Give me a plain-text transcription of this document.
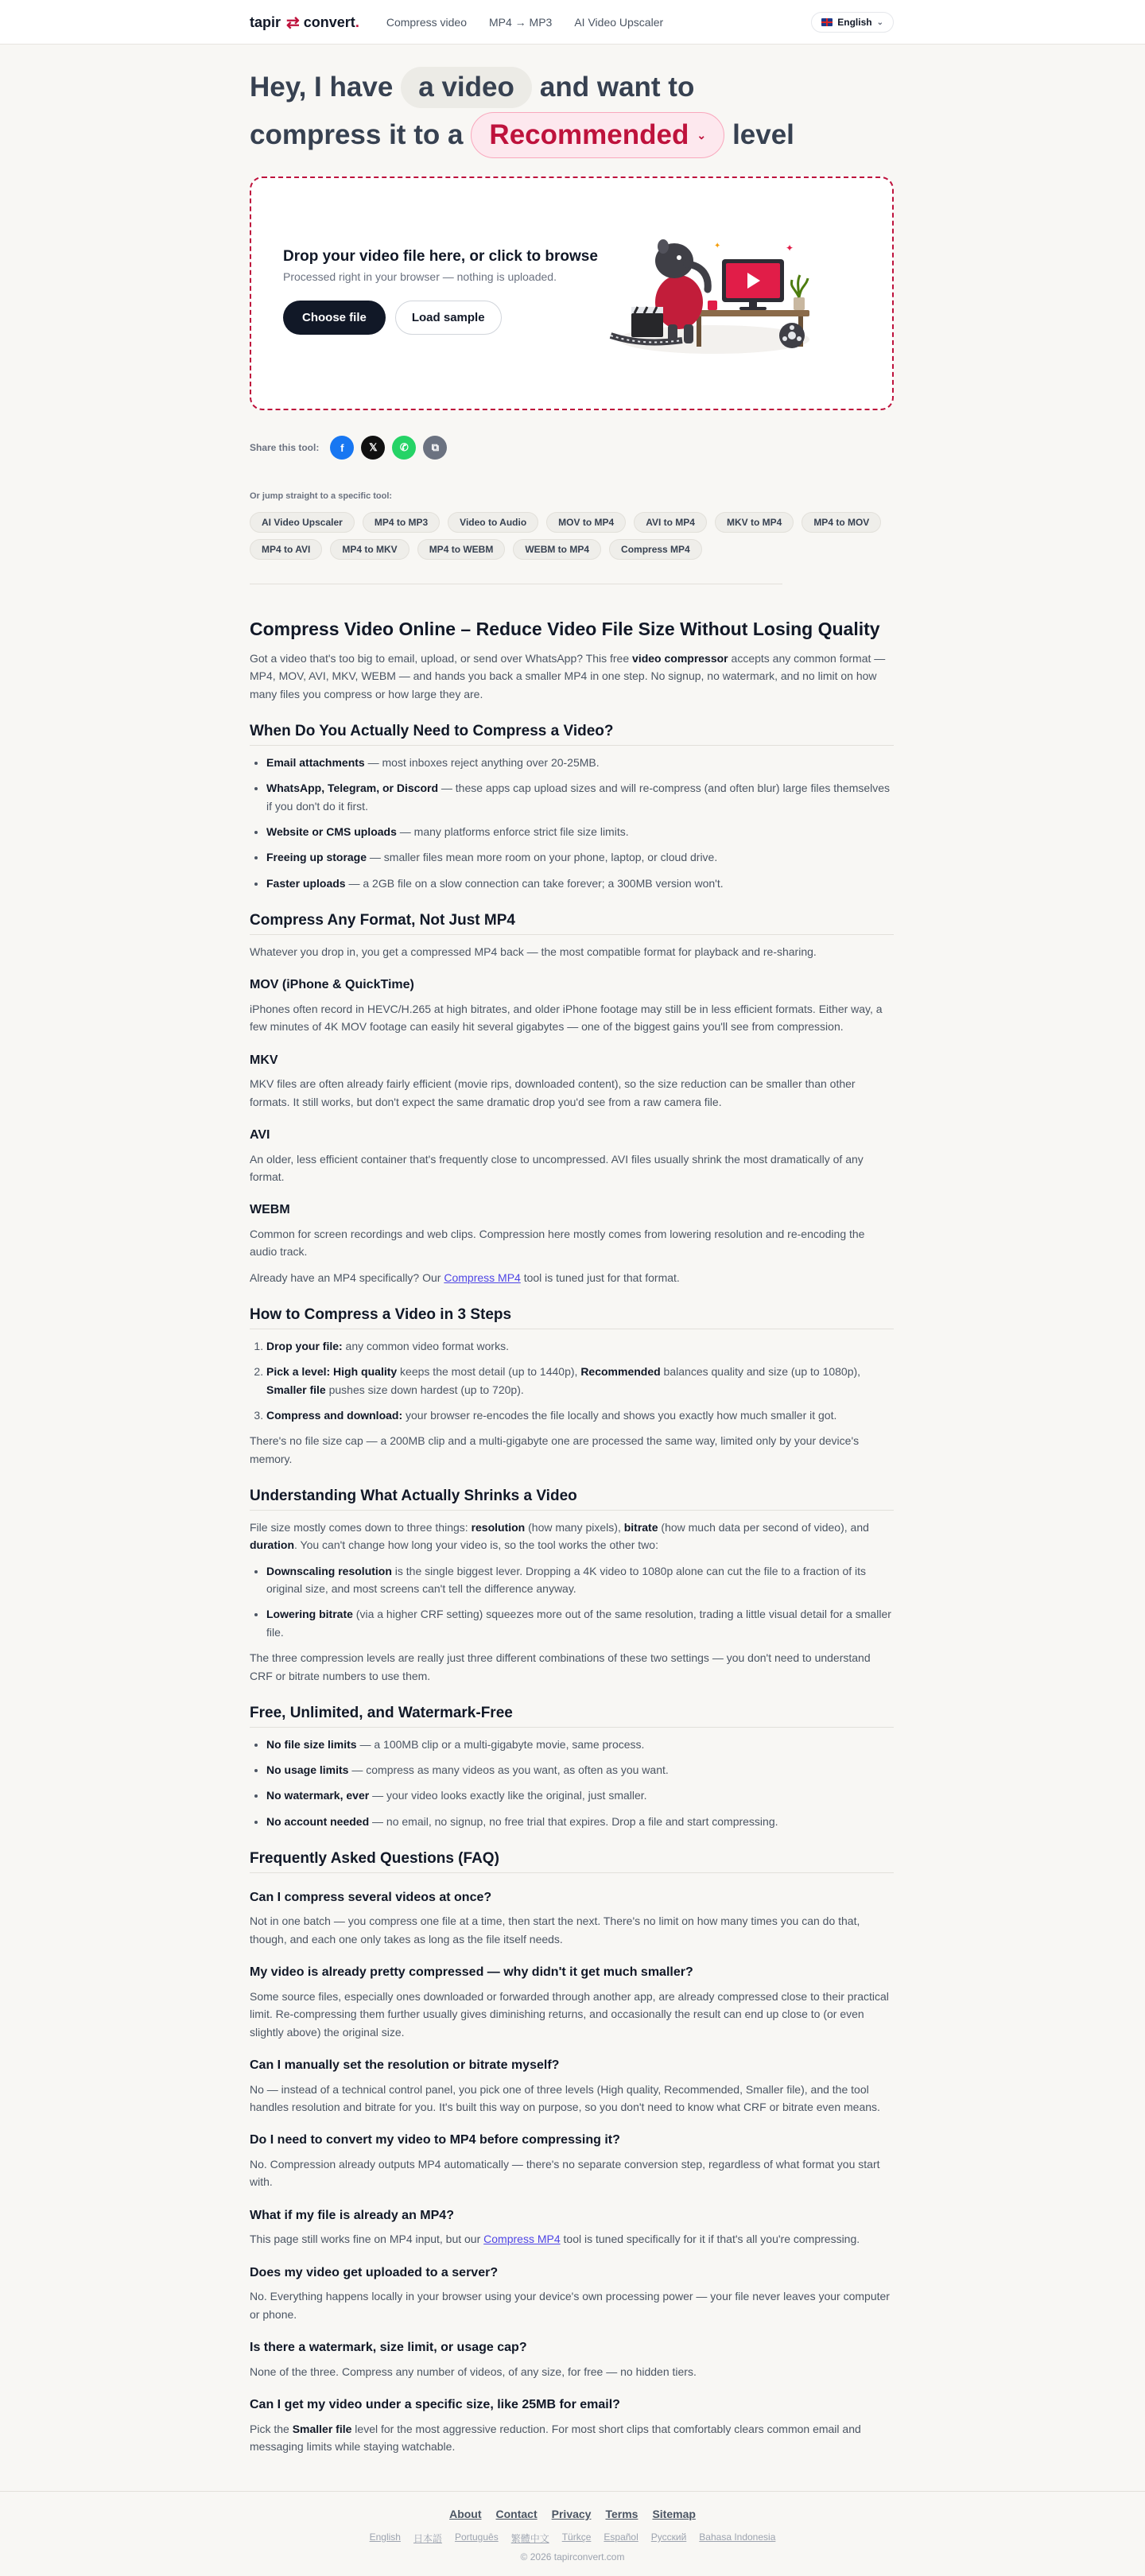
tapir ⇄ convert . Compress video MP4 → MP3 AI Video Upscaler	English ⌄
Hey, I have a video and want to
compress it to a Recommended ⌄ level
Drop your video file here, or click to browse
Processed right in your browser — nothing is uploaded.
Choose file	Load sample
✦
✦
Share this tool: f 𝕏 ✆ ⧉
Or jump straight to a specific tool:
AI Video Upscaler	MP4 to MP3	Video to Audio	MOV to MP4	AVI to MP4	MKV to MP4	MP4 to MOV
MP4 to AVI	MP4 to MKV	MP4 to WEBM	WEBM to MP4	Compress MP4
Compress Video Online – Reduce Video File Size Without Losing Quality

Got a video that's too big to email, upload, or send over WhatsApp? This free video compressor accepts any common format — MP4, MOV, AVI, MKV, WEBM — and hands you back a smaller MP4 in one step. No signup, no watermark, and no limit on how many files you compress or how large they are.

When Do You Actually Need to Compress a Video?
• Email attachments — most inboxes reject anything over 20-25MB.
• WhatsApp, Telegram, or Discord — these apps cap upload sizes and will re-compress (and often blur) large files themselves if you don't do it first.
• Website or CMS uploads — many platforms enforce strict file size limits.
• Freeing up storage — smaller files mean more room on your phone, laptop, or cloud drive.
• Faster uploads — a 2GB file on a slow connection can take forever; a 300MB version won't.
Compress Any Format, Not Just MP4

Whatever you drop in, you get a compressed MP4 back — the most compatible format for playback and re-sharing.

MOV (iPhone & QuickTime)

iPhones often record in HEVC/H.265 at high bitrates, and older iPhone footage may still be in less efficient formats. Either way, a few minutes of 4K MOV footage can easily hit several gigabytes — one of the biggest gains you'll see from compression.

MKV

MKV files are often already fairly efficient (movie rips, downloaded content), so the size reduction can be smaller than other formats. It still works, but don't expect the same dramatic drop you'd see from a raw camera file.

AVI

An older, less efficient container that's frequently close to uncompressed. AVI files usually shrink the most dramatically of any format.

WEBM

Common for screen recordings and web clips. Compression here mostly comes from lowering resolution and re-encoding the audio track.

Already have an MP4 specifically? Our Compress MP4 tool is tuned just for that format.

How to Compress a Video in 3 Steps
1. Drop your file: any common video format works.
2. Pick a level: High quality keeps the most detail (up to 1440p), Recommended balances quality and size (up to 1080p), Smaller file pushes size down hardest (up to 720p).
3. Compress and download: your browser re-encodes the file locally and shows you exactly how much smaller it got.

There's no file size cap — a 200MB clip and a multi-gigabyte one are processed the same way, limited only by your device's memory.

Understanding What Actually Shrinks a Video

File size mostly comes down to three things: resolution (how many pixels), bitrate (how much data per second of video), and duration. You can't change how long your video is, so the tool works the other two:

• Downscaling resolution is the single biggest lever. Dropping a 4K video to 1080p alone can cut the file to a fraction of its original size, and most screens can't tell the difference anyway.
• Lowering bitrate (via a higher CRF setting) squeezes more out of the same resolution, trading a little visual detail for a smaller file.

The three compression levels are really just three different combinations of these two settings — you don't need to understand CRF or bitrate numbers to use them.

Free, Unlimited, and Watermark-Free
• No file size limits — a 100MB clip or a multi-gigabyte movie, same process.
• No usage limits — compress as many videos as you want, as often as you want.
• No watermark, ever — your video looks exactly like the original, just smaller.
• No account needed — no email, no signup, no free trial that expires. Drop a file and start compressing.
Frequently Asked Questions (FAQ)
Can I compress several videos at once?

Not in one batch — you compress one file at a time, then start the next. There's no limit on how many times you can do that, though, and each one only takes as long as the file itself needs.

My video is already pretty compressed — why didn't it get much smaller?

Some source files, especially ones downloaded or forwarded through another app, are already compressed close to their practical limit. Re-compressing them further usually gives diminishing returns, and occasionally the result can end up close to (or even slightly above) the original size.

Can I manually set the resolution or bitrate myself?

No — instead of a technical control panel, you pick one of three levels (High quality, Recommended, Smaller file), and the tool handles resolution and bitrate for you. It's built this way on purpose, so you don't need to know what CRF or bitrate even means.

Do I need to convert my video to MP4 before compressing it?

No. Compression already outputs MP4 automatically — there's no separate conversion step, regardless of what format you start with.

What if my file is already an MP4?

This page still works fine on MP4 input, but our Compress MP4 tool is tuned specifically for it if that's all you're compressing.

Does my video get uploaded to a server?

No. Everything happens locally in your browser using your device's own processing power — your file never leaves your computer or phone.

Is there a watermark, size limit, or usage cap?

None of the three. Compress any number of videos, of any size, for free — no hidden tiers.

Can I get my video under a specific size, like 25MB for email?

Pick the Smaller file level for the most aggressive reduction. For most short clips that comfortably clears common email and messaging limits while staying watchable.

About Contact Privacy Terms Sitemap
English 日本語 Português 繁體中文 Türkçe Español Русский Bahasa Indonesia
© 2026 tapirconvert.com
